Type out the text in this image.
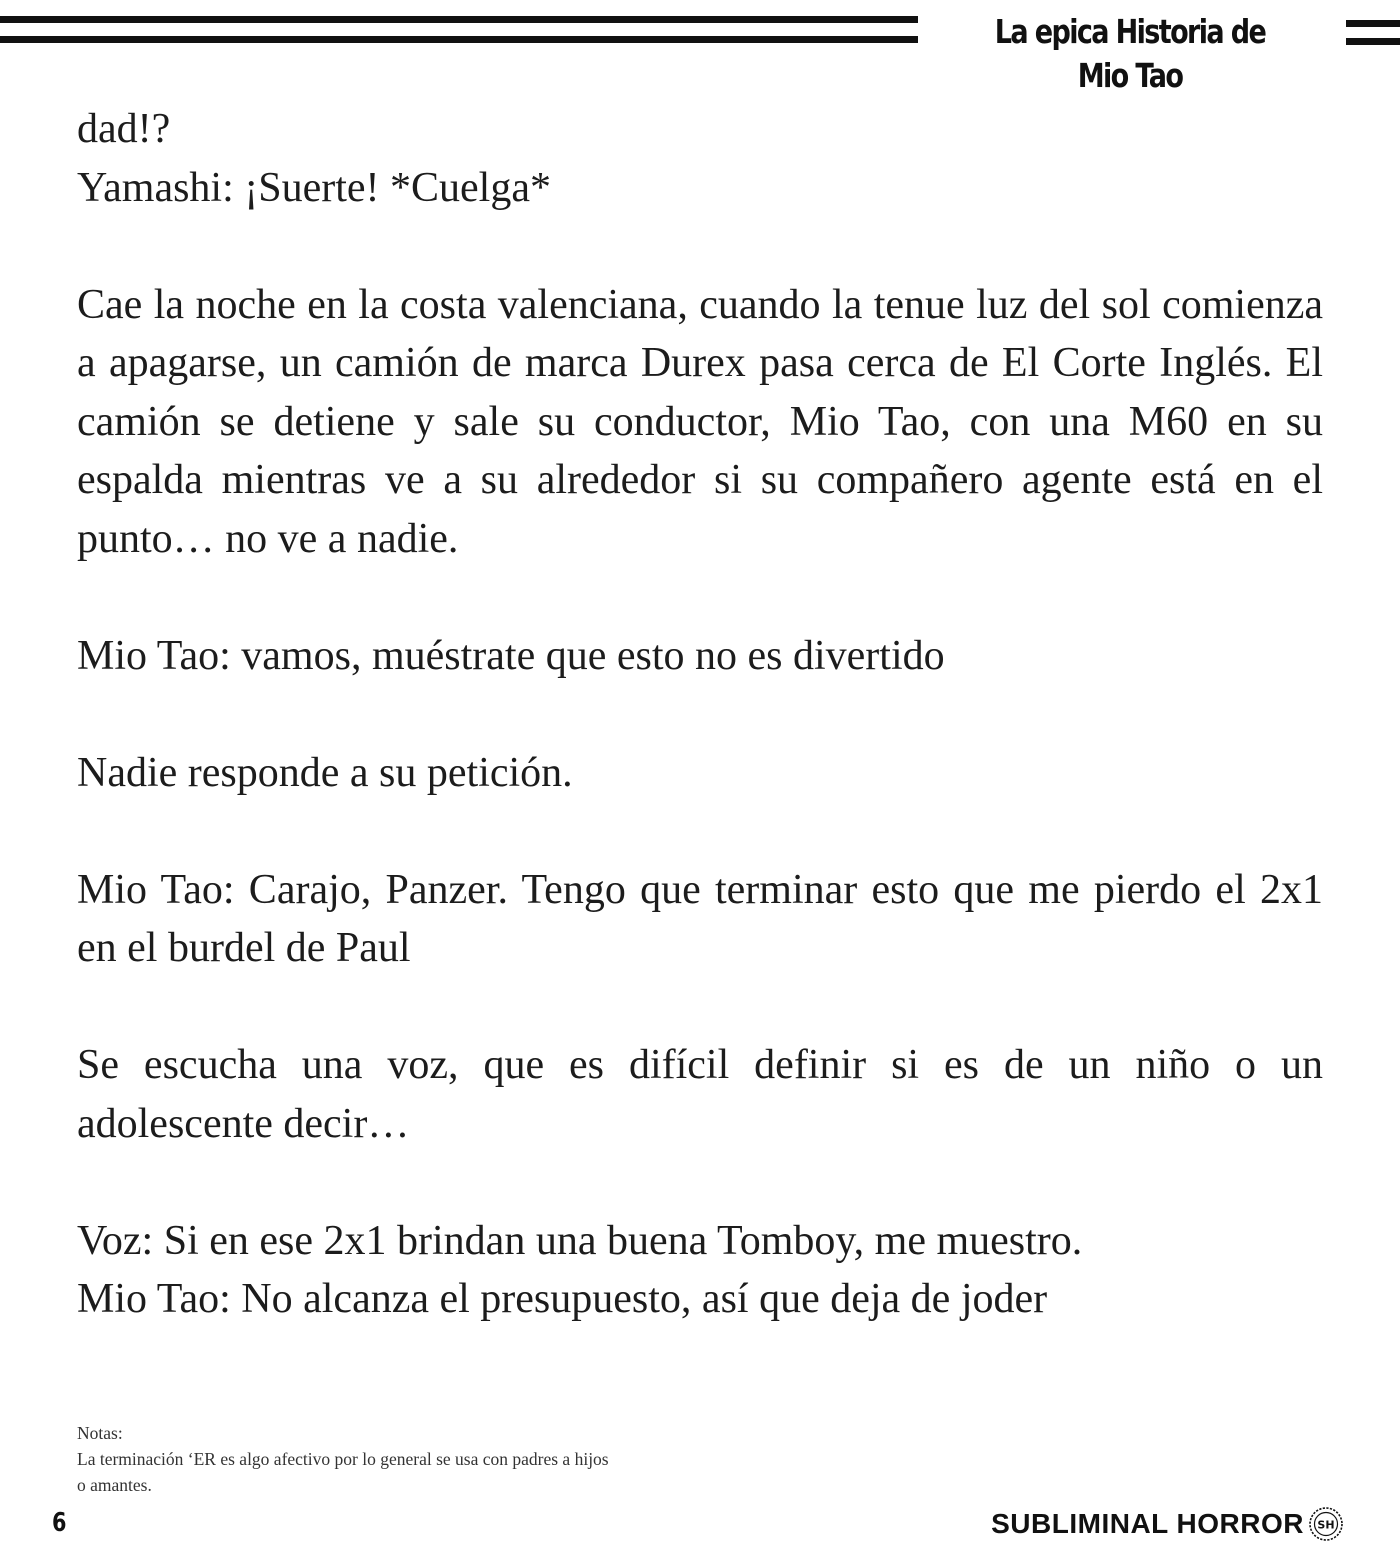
La epica Historia de Mio Tao

dad!?
Yamashi: ¡Suerte! *Cuelga*

Cae la noche en la costa valenciana, cuando la tenue luz del sol comienza a apagarse, un camión de marca Durex pasa cerca de El Corte Inglés. El camión se detiene y sale su conductor, Mio Tao, con una M60 en su espalda mientras ve a su alrededor si su compañero agente está en el punto… no ve a nadie.

Mio Tao: vamos, muéstrate que esto no es divertido

Nadie responde a su petición.

Mio Tao: Carajo, Panzer. Tengo que terminar esto que me pierdo el 2x1 en el burdel de Paul

Se escucha una voz, que es difícil definir si es de un niño o un adolescente decir…

Voz: Si en ese 2x1 brindan una buena Tomboy, me muestro.
Mio Tao: No alcanza el presupuesto, así que deja de joder

Notas:
La terminación ‘ER es algo afectivo por lo general se usa con padres a hijos
o amantes.
6	SUBLIMINAL HORROR SH
